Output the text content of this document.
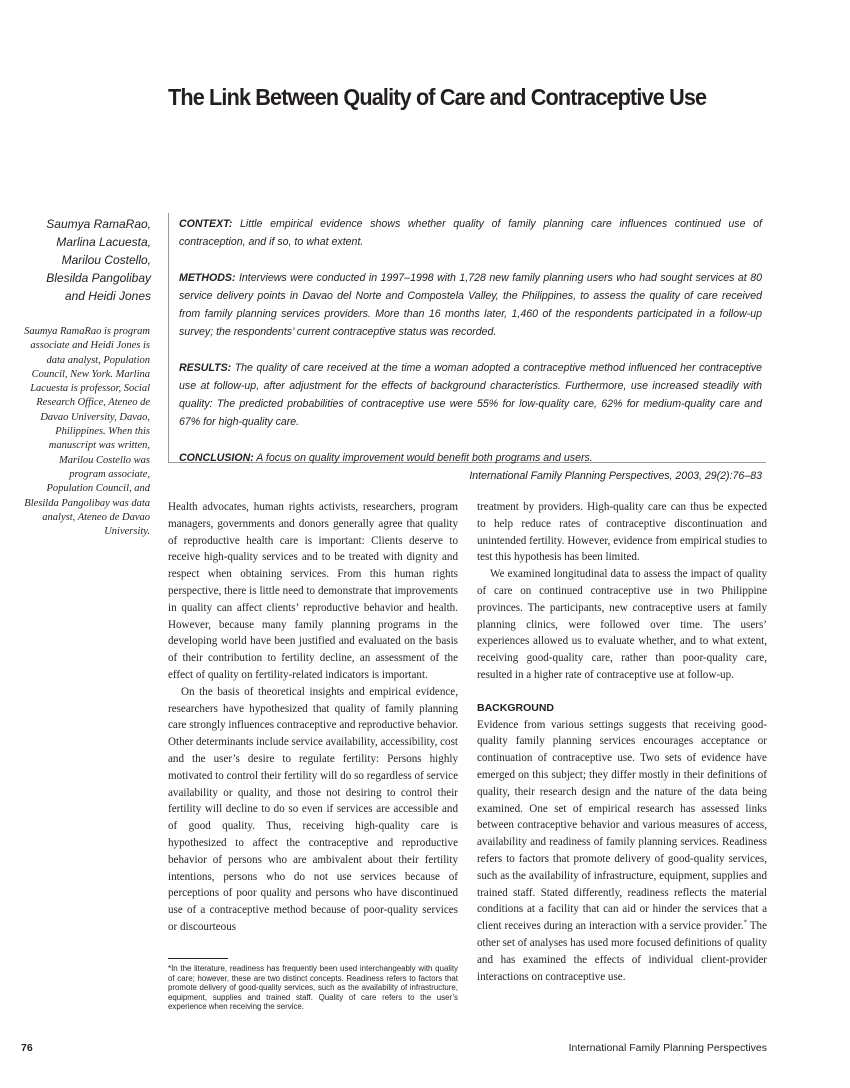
The Link Between Quality of Care and Contraceptive Use
Saumya RamaRao,
Marlina Lacuesta,
Marilou Costello,
Blesilda Pangolibay
and Heidi Jones
Saumya RamaRao is program associate and Heidi Jones is data analyst, Population Council, New York. Marlina Lacuesta is professor, Social Research Office, Ateneo de Davao University, Davao, Philippines. When this manuscript was written, Marilou Costello was program associate, Population Council, and Blesilda Pangolibay was data analyst, Ateneo de Davao University.

CONTEXT: Little empirical evidence shows whether quality of family planning care influences continued use of contraception, and if so, to what extent.

METHODS: Interviews were conducted in 1997–1998 with 1,728 new family planning users who had sought services at 80 service delivery points in Davao del Norte and Compostela Valley, the Philippines, to assess the quality of care received from family planning services providers. More than 16 months later, 1,460 of the respondents participated in a follow-up survey; the respondents’ current contraceptive status was recorded.

RESULTS: The quality of care received at the time a woman adopted a contraceptive method influenced her contraceptive use at follow-up, after adjustment for the effects of background characteristics. Furthermore, use increased steadily with quality: The predicted probabilities of contraceptive use were 55% for low-quality care, 62% for medium-quality care and 67% for high-quality care.

CONCLUSION: A focus on quality improvement would benefit both programs and users.

International Family Planning Perspectives, 2003, 29(2):76–83

Health advocates, human rights activists, researchers, program managers, governments and donors generally agree that quality of reproductive health care is important: Clients deserve to receive high-quality services and to be treated with dignity and respect when obtaining services. From this human rights perspective, there is little need to demonstrate that improvements in quality can affect clients’ reproductive behavior and health. However, because many family planning programs in the developing world have been justified and evaluated on the basis of their contribution to fertility decline, an assessment of the effect of quality on fertility-related indicators is important.

On the basis of theoretical insights and empirical evidence, researchers have hypothesized that quality of family planning care strongly influences contraceptive and reproductive behavior. Other determinants include service availability, accessibility, cost and the user’s desire to regulate fertility: Persons highly motivated to control their fertility will do so regardless of service availability or quality, and those not desiring to control their fertility will decline to do so even if services are accessible and of good quality. Thus, receiving high-quality care is hypothesized to affect the contraceptive and reproductive behavior of persons who are ambivalent about their fertility intentions, persons who do not use services because of perceptions of poor quality and persons who have discontinued use of a contraceptive method because of poor-quality services or discourteous

treatment by providers. High-quality care can thus be expected to help reduce rates of contraceptive discontinuation and unintended fertility. However, evidence from empirical studies to test this hypothesis has been limited.

We examined longitudinal data to assess the impact of quality of care on continued contraceptive use in two Philippine provinces. The participants, new contraceptive users at family planning clinics, were followed over time. The users’ experiences allowed us to evaluate whether, and to what extent, receiving good-quality care, rather than poor-quality care, resulted in a higher rate of contraceptive use at follow-up.

BACKGROUND

Evidence from various settings suggests that receiving good-quality family planning services encourages acceptance or continuation of contraceptive use. Two sets of evidence have emerged on this subject; they differ mostly in their definitions of quality, their research design and the nature of the data being examined. One set of empirical research has assessed links between contraceptive behavior and various measures of access, availability and readiness of family planning services. Readiness refers to factors that promote delivery of good-quality services, such as the availability of infrastructure, equipment, supplies and trained staff. Stated differently, readiness reflects the material conditions at a facility that can aid or hinder the services that a client receives during an interaction with a service provider.* The other set of analyses has used more focused definitions of quality and has examined the effects of individual client-provider interactions on contraceptive use.

*In the literature, readiness has frequently been used interchangeably with quality of care; however, these are two distinct concepts. Readiness refers to factors that promote delivery of good-quality services, such as the availability of infrastructure, equipment, supplies and trained staff. Quality of care refers to the user’s experience when receiving the service.
76	International Family Planning Perspectives
